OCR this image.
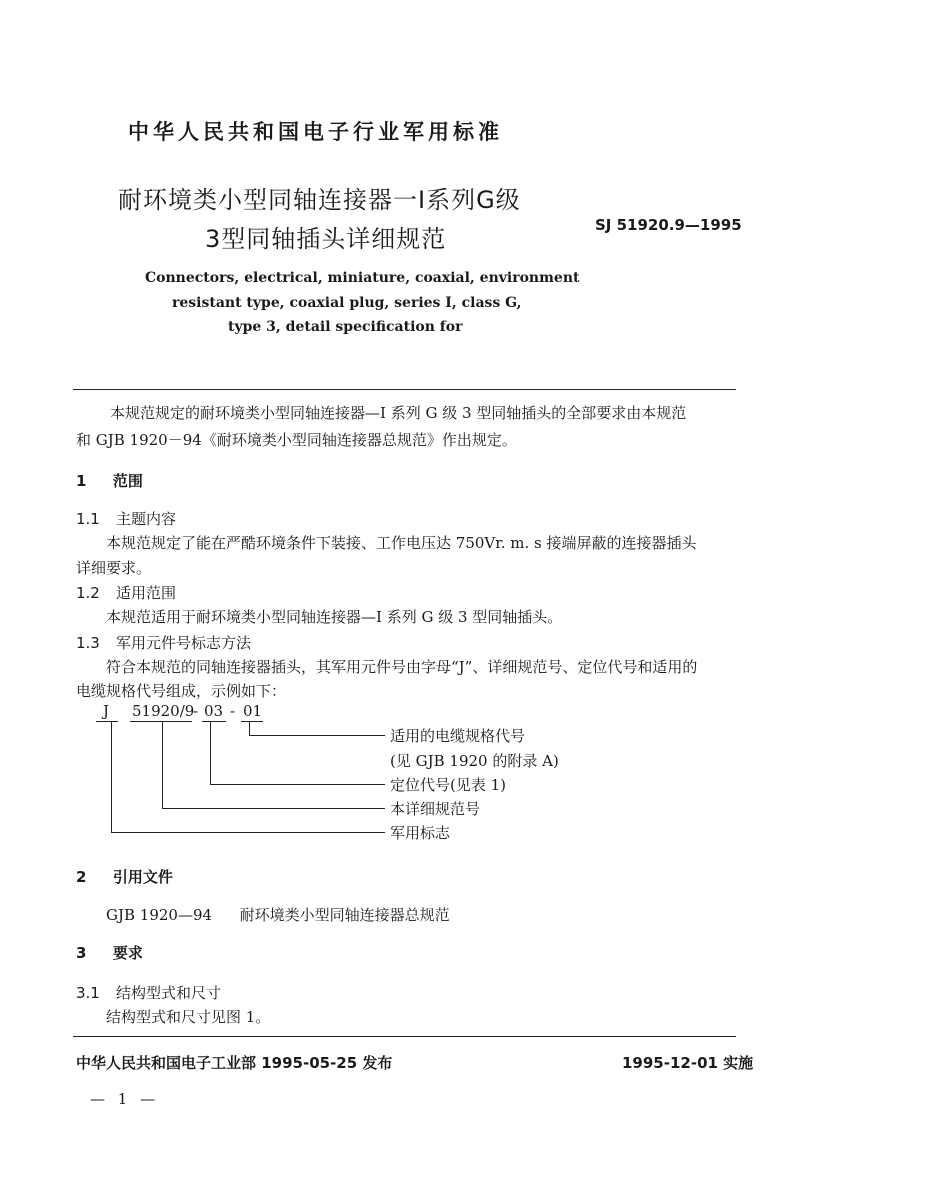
中华人民共和国电子行业军用标准
耐环境类小型同轴连接器一Ⅰ系列G级
3型同轴插头详细规范	SJ 51920.9—1995
Connectors, electrical, miniature, coaxial, environment
resistant type, coaxial plug, series Ⅰ, class G,
type 3, detail specification for
本规范规定的耐环境类小型同轴连接器—I 系列 G 级 3 型同轴插头的全部要求由本规范
和 GJB 1920－94《耐环境类小型同轴连接器总规范》作出规定。
1 范围
1.1 主题内容
本规范规定了能在严酷环境条件下装接、工作电压达 750Vr. m. s 接端屏蔽的连接器插头
详细要求。
1.2 适用范围
本规范适用于耐环境类小型同轴连接器—I 系列 G 级 3 型同轴插头。
1.3 军用元件号标志方法
符合本规范的同轴连接器插头，其军用元件号由字母“J”、详细规范号、定位代号和适用的
电缆规格代号组成，示例如下：
J 51920/9
- 03 - 01
适用的电缆规格代号
(见 GJB 1920 的附录 A)
定位代号(见表 1)
本详细规范号
军用标志
2 引用文件
GJB 1920—94 耐环境类小型同轴连接器总规范
3 要求
3.1 结构型式和尺寸
结构型式和尺寸见图 1。
中华人民共和国电子工业部 1995-05-25 发布	1995-12-01 实施
— 1 —
